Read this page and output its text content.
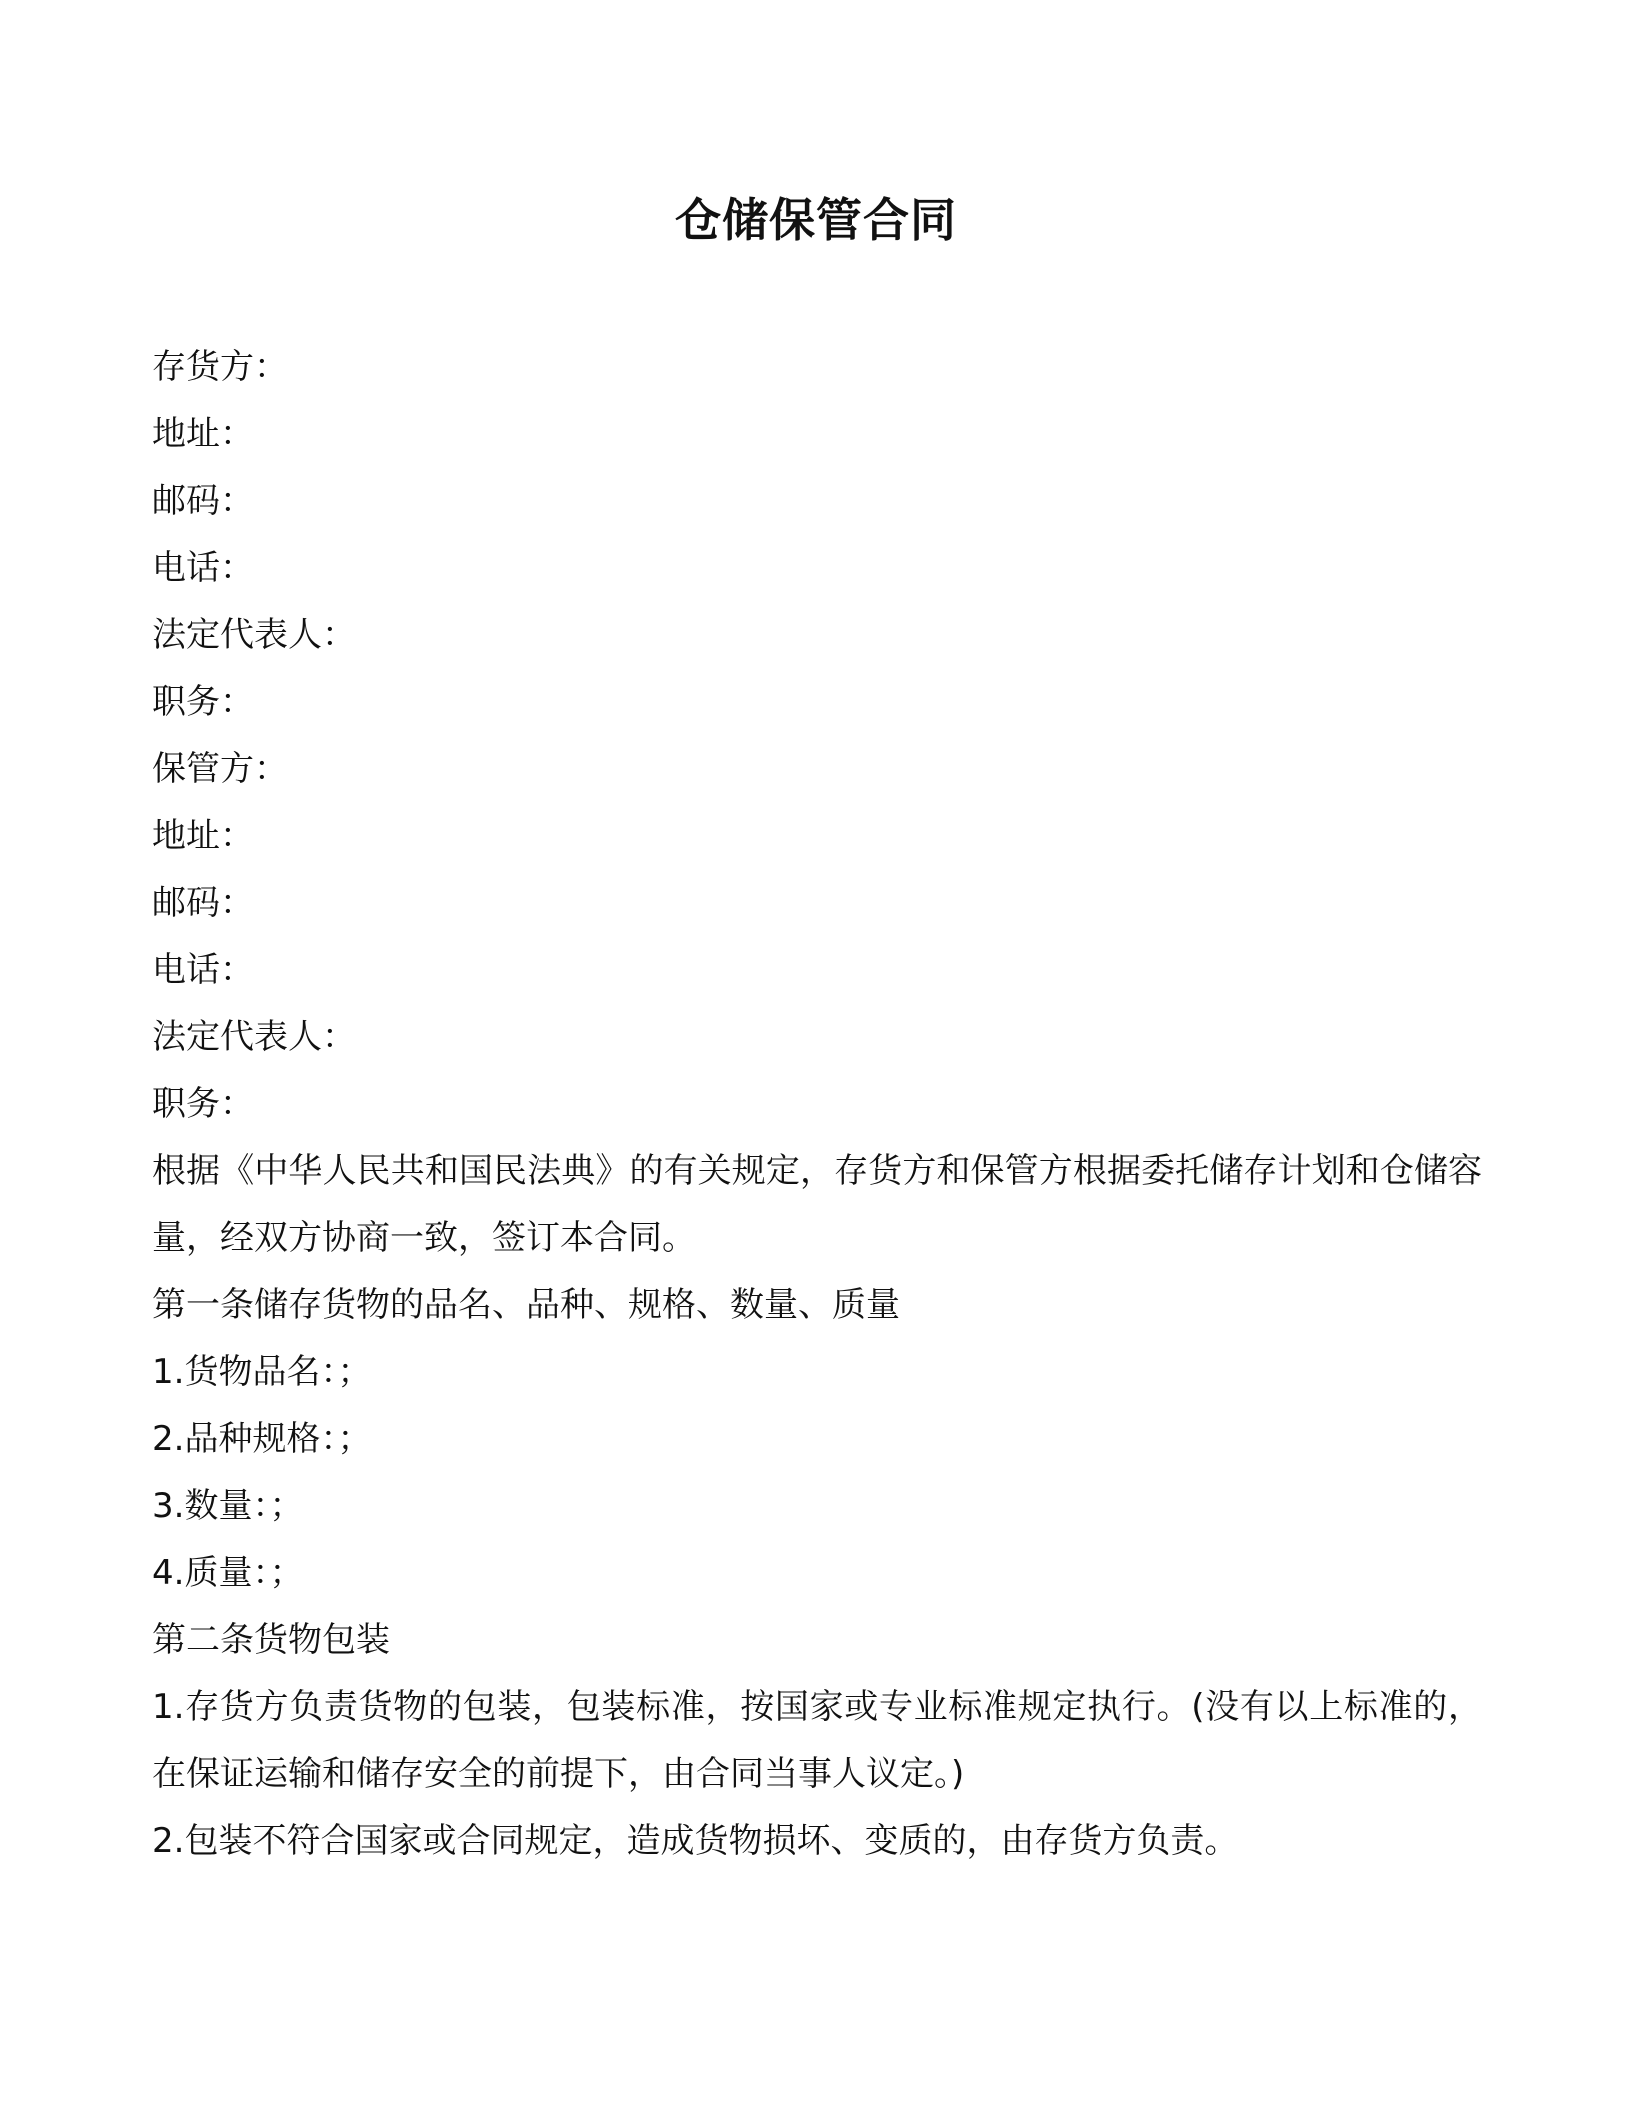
仓储保管合同

存货方：

地址：

邮码：

电话：

法定代表人：

职务：

保管方：

地址：

邮码：

电话：

法定代表人：

职务：

根据《中华人民共和国民法典》的有关规定，存货方和保管方根据委托储存计划和仓储容量，经双方协商一致，签订本合同。

第一条储存货物的品名、品种、规格、数量、质量

1.货物品名：；

2.品种规格：；

3.数量：；

4.质量：；

第二条货物包装

1.存货方负责货物的包装，包装标准，按国家或专业标准规定执行。(没有以上标准的，在保证运输和储存安全的前提下，由合同当事人议定。)

2.包装不符合国家或合同规定，造成货物损坏、变质的，由存货方负责。
